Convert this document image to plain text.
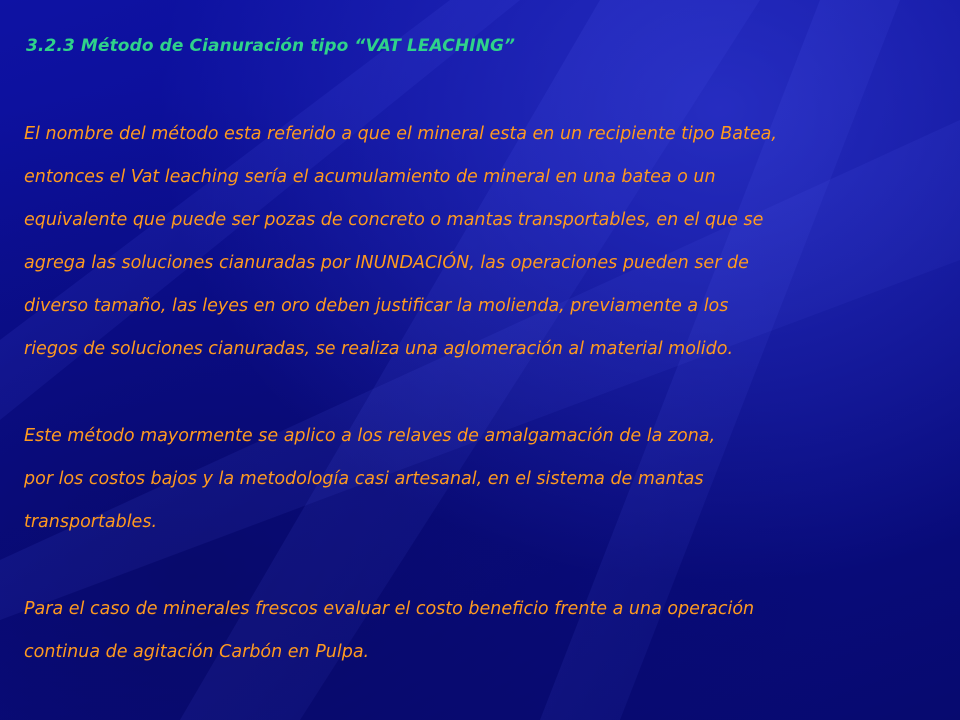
3.2.3 Método de Cianuración tipo “VAT LEACHING”
El nombre del método esta referido a que el mineral esta en un recipiente tipo Batea,
entonces el Vat leaching sería el acumulamiento de mineral en una batea o un
equivalente que puede ser pozas de concreto o mantas transportables, en el que se
agrega las soluciones cianuradas por INUNDACIÓN, las operaciones pueden ser de
diverso tamaño, las leyes en oro deben justificar la molienda, previamente a los
riegos de soluciones cianuradas, se realiza una aglomeración al material molido.
Este método mayormente se aplico a los relaves de amalgamación de la zona,
por los costos bajos y la metodología casi artesanal, en el sistema de mantas
transportables.
Para el caso de minerales frescos evaluar el costo beneficio frente a una operación
continua de agitación Carbón en Pulpa.
